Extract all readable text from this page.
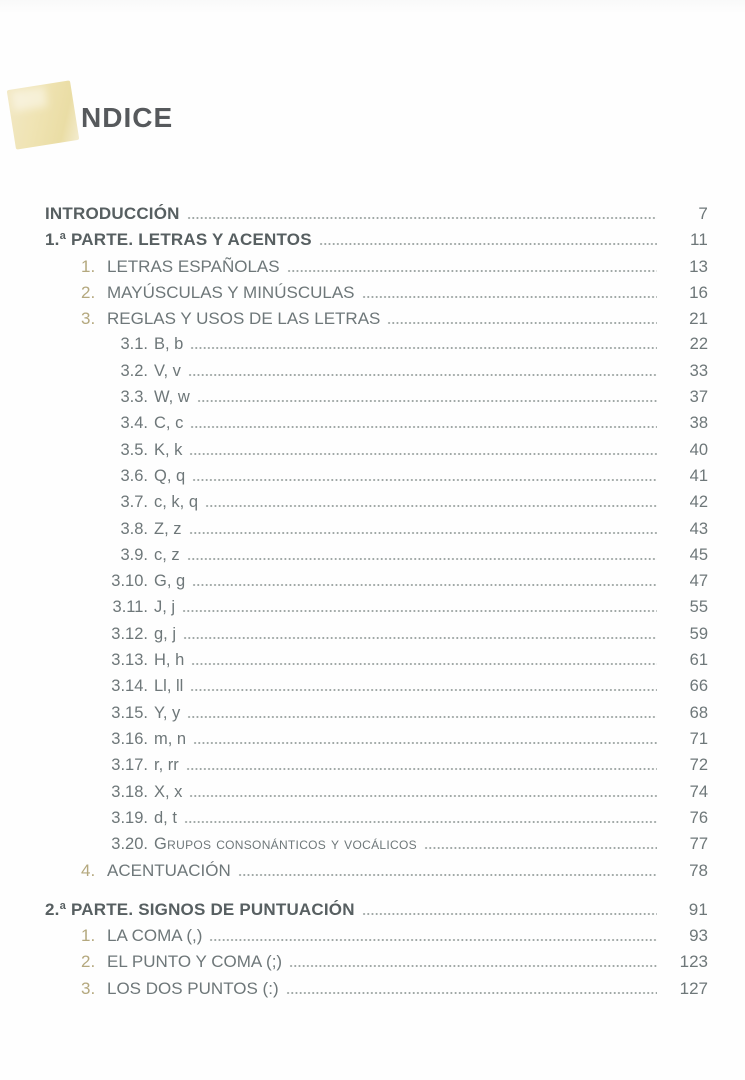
NDICE
INTRODUCCIÓN	7
1.ª PARTE. LETRAS Y ACENTOS	11
1. LETRAS ESPAÑOLAS	13
2. MAYÚSCULAS Y MINÚSCULAS	16
3. REGLAS Y USOS DE LAS LETRAS	21
3.1. B, b	22
3.2. V, v	33
3.3. W, w	37
3.4. C, c	38
3.5. K, k	40
3.6. Q, q	41
3.7. c, k, q	42
3.8. Z, z	43
3.9. c, z	45
3.10. G, g	47
3.11. J, j	55
3.12. g, j	59
3.13. H, h	61
3.14. Ll, ll	66
3.15. Y, y	68
3.16. m, n	71
3.17. r, rr	72
3.18. X, x	74
3.19. d, t	76
3.20. Grupos consonánticos y vocálicos	77
4. ACENTUACIÓN	78
2.ª PARTE. SIGNOS DE PUNTUACIÓN	91
1. LA COMA (,)	93
2. EL PUNTO Y COMA (;)	123
3. LOS DOS PUNTOS (:)	127
